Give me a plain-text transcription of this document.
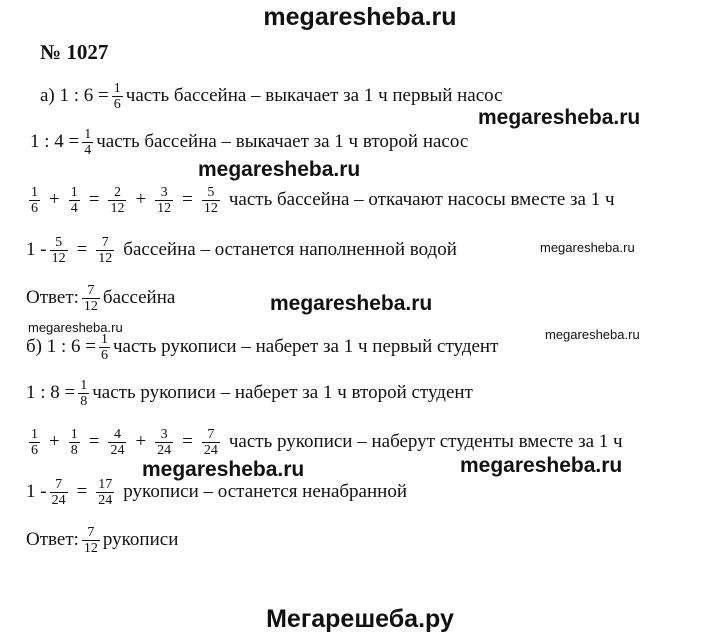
megaresheba.ru
№ 1027
а) 1 : $6 = \frac{1}{6}$ часть бассейна – выкачает за 1 ч первый насос
1 : $4 = \frac{1}{4}$ часть бассейна – выкачает за 1 ч второй насос
$\frac{1}{6} + \frac{1}{4} = \frac{2}{12} + \frac{3}{12} = \frac{5}{12}$ часть бассейна – откачают насосы вместе за 1 ч
$1 - \frac{5}{12} = \frac{7}{12}$ бассейна – останется наполненной водой
Ответ: $\frac{7}{12}$ бассейна
б) 1 : $6 = \frac{1}{6}$ часть рукописи – наберет за 1 ч первый студент
1 : $8 = \frac{1}{8}$ часть рукописи – наберет за 1 ч второй студент
$\frac{1}{6} + \frac{1}{8} = \frac{4}{24} + \frac{3}{24} = \frac{7}{24}$ часть рукописи – наберут студенты вместе за 1 ч
$1 - \frac{7}{24} = \frac{17}{24}$ рукописи – останется ненабранной
Ответ: $\frac{7}{12}$ рукописи
megaresheba.ru
megaresheba.ru
megaresheba.ru
megaresheba.ru
megaresheba.ru	megaresheba.ru
megaresheba.ru	megaresheba.ru
Мегарешеба.ру
